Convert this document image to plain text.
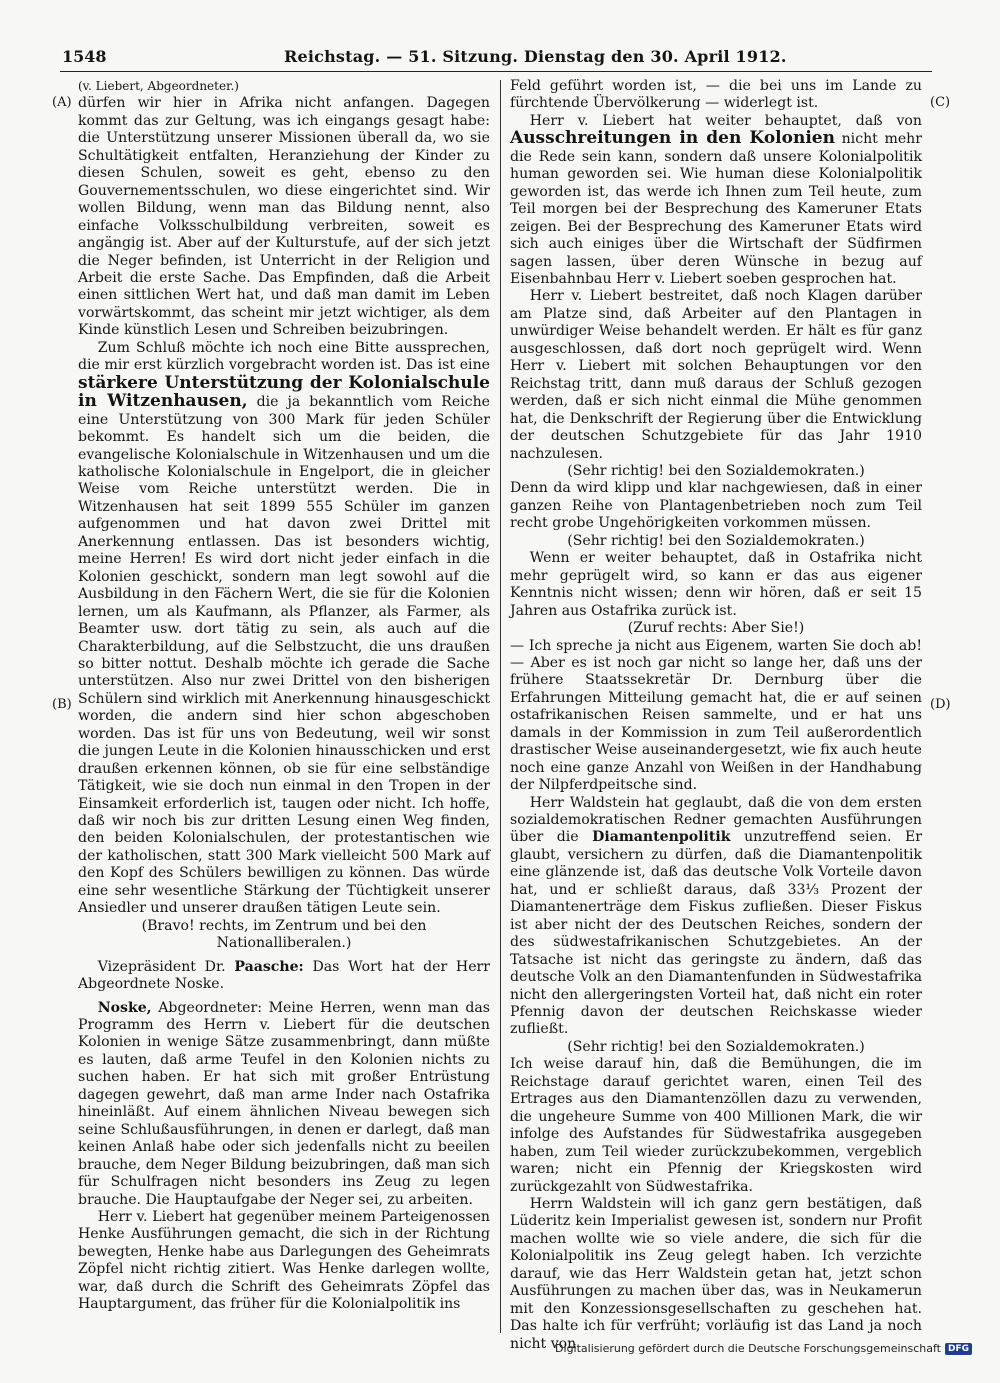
1548	Reichstag. — 51. Sitzung. Dienstag den 30. April 1912.
(A)
(B)
(C)
(D)

(v. Liebert, Abgeordneter.)

dürfen wir hier in Afrika nicht anfangen. Dagegen kommt das zur Geltung, was ich eingangs gesagt habe: die Unterstützung unserer Missionen überall da, wo sie Schultätigkeit entfalten, Heranziehung der Kinder zu diesen Schulen, soweit es geht, ebenso zu den Gouvernementsschulen, wo diese eingerichtet sind. Wir wollen Bildung, wenn man das Bildung nennt, also einfache Volksschulbildung verbreiten, soweit es angängig ist. Aber auf der Kulturstufe, auf der sich jetzt die Neger befinden, ist Unterricht in der Religion und Arbeit die erste Sache. Das Empfinden, daß die Arbeit einen sittlichen Wert hat, und daß man damit im Leben vorwärtskommt, das scheint mir jetzt wichtiger, als dem Kinde künstlich Lesen und Schreiben beizubringen.

Zum Schluß möchte ich noch eine Bitte aussprechen, die mir erst kürzlich vorgebracht worden ist. Das ist eine stärkere Unterstützung der Kolonialschule in Witzenhausen, die ja bekanntlich vom Reiche eine Unterstützung von 300 Mark für jeden Schüler bekommt. Es handelt sich um die beiden, die evangelische Kolonialschule in Witzenhausen und um die katholische Kolonialschule in Engelport, die in gleicher Weise vom Reiche unterstützt werden. Die in Witzenhausen hat seit 1899 555 Schüler im ganzen aufgenommen und hat davon zwei Drittel mit Anerkennung entlassen. Das ist besonders wichtig, meine Herren! Es wird dort nicht jeder einfach in die Kolonien geschickt, sondern man legt sowohl auf die Ausbildung in den Fächern Wert, die sie für die Kolonien lernen, um als Kaufmann, als Pflanzer, als Farmer, als Beamter usw. dort tätig zu sein, als auch auf die Charakterbildung, auf die Selbstzucht, die uns draußen so bitter nottut. Deshalb möchte ich gerade die Sache unterstützen. Also nur zwei Drittel von den bisherigen Schülern sind wirklich mit Anerkennung hinausgeschickt worden, die andern sind hier schon abgeschoben worden. Das ist für uns von Bedeutung, weil wir sonst die jungen Leute in die Kolonien hinausschicken und erst draußen erkennen können, ob sie für eine selbständige Tätigkeit, wie sie doch nun einmal in den Tropen in der Einsamkeit erforderlich ist, taugen oder nicht. Ich hoffe, daß wir noch bis zur dritten Lesung einen Weg finden, den beiden Kolonialschulen, der protestantischen wie der katholischen, statt 300 Mark vielleicht 500 Mark auf den Kopf des Schülers bewilligen zu können. Das würde eine sehr wesentliche Stärkung der Tüchtigkeit unserer Ansiedler und unserer draußen tätigen Leute sein.

(Bravo! rechts, im Zentrum und bei den Nationalliberalen.)

Vizepräsident Dr. Paasche: Das Wort hat der Herr Abgeordnete Noske.

Noske, Abgeordneter: Meine Herren, wenn man das Programm des Herrn v. Liebert für die deutschen Kolonien in wenige Sätze zusammenbringt, dann müßte es lauten, daß arme Teufel in den Kolonien nichts zu suchen haben. Er hat sich mit großer Entrüstung dagegen gewehrt, daß man arme Inder nach Ostafrika hineinläßt. Auf einem ähnlichen Niveau bewegen sich seine Schlußausführungen, in denen er darlegt, daß man keinen Anlaß habe oder sich jedenfalls nicht zu beeilen brauche, dem Neger Bildung beizubringen, daß man sich für Schulfragen nicht besonders ins Zeug zu legen brauche. Die Hauptaufgabe der Neger sei, zu arbeiten.

Herr v. Liebert hat gegenüber meinem Parteigenossen Henke Ausführungen gemacht, die sich in der Richtung bewegten, Henke habe aus Darlegungen des Geheimrats Zöpfel nicht richtig zitiert. Was Henke darlegen wollte, war, daß durch die Schrift des Geheimrats Zöpfel das Hauptargument, das früher für die Kolonialpolitik ins

Feld geführt worden ist, — die bei uns im Lande zu fürchtende Übervölkerung — widerlegt ist.

Herr v. Liebert hat weiter behauptet, daß von Ausschreitungen in den Kolonien nicht mehr die Rede sein kann, sondern daß unsere Kolonialpolitik human geworden sei. Wie human diese Kolonialpolitik geworden ist, das werde ich Ihnen zum Teil heute, zum Teil morgen bei der Besprechung des Kameruner Etats zeigen. Bei der Besprechung des Kameruner Etats wird sich auch einiges über die Wirtschaft der Südfirmen sagen lassen, über deren Wünsche in bezug auf Eisenbahnbau Herr v. Liebert soeben gesprochen hat.

Herr v. Liebert bestreitet, daß noch Klagen darüber am Platze sind, daß Arbeiter auf den Plantagen in unwürdiger Weise behandelt werden. Er hält es für ganz ausgeschlossen, daß dort noch geprügelt wird. Wenn Herr v. Liebert mit solchen Behauptungen vor den Reichstag tritt, dann muß daraus der Schluß gezogen werden, daß er sich nicht einmal die Mühe genommen hat, die Denkschrift der Regierung über die Entwicklung der deutschen Schutzgebiete für das Jahr 1910 nachzulesen.

(Sehr richtig! bei den Sozialdemokraten.)

Denn da wird klipp und klar nachgewiesen, daß in einer ganzen Reihe von Plantagenbetrieben noch zum Teil recht grobe Ungehörigkeiten vorkommen müssen.

(Sehr richtig! bei den Sozialdemokraten.)

Wenn er weiter behauptet, daß in Ostafrika nicht mehr geprügelt wird, so kann er das aus eigener Kenntnis nicht wissen; denn wir hören, daß er seit 15 Jahren aus Ostafrika zurück ist.

(Zuruf rechts: Aber Sie!)

— Ich spreche ja nicht aus Eigenem, warten Sie doch ab! — Aber es ist noch gar nicht so lange her, daß uns der frühere Staatssekretär Dr. Dernburg über die Erfahrungen Mitteilung gemacht hat, die er auf seinen ostafrikanischen Reisen sammelte, und er hat uns damals in der Kommission in zum Teil außerordentlich drastischer Weise auseinandergesetzt, wie fix auch heute noch eine ganze Anzahl von Weißen in der Handhabung der Nilpferdpeitsche sind.

Herr Waldstein hat geglaubt, daß die von dem ersten sozialdemokratischen Redner gemachten Ausführungen über die Diamantenpolitik unzutreffend seien. Er glaubt, versichern zu dürfen, daß die Diamantenpolitik eine glänzende ist, daß das deutsche Volk Vorteile davon hat, und er schließt daraus, daß 33⅓ Prozent der Diamantenerträge dem Fiskus zufließen. Dieser Fiskus ist aber nicht der des Deutschen Reiches, sondern der des südwestafrikanischen Schutzgebietes. An der Tatsache ist nicht das geringste zu ändern, daß das deutsche Volk an den Diamantenfunden in Südwestafrika nicht den allergeringsten Vorteil hat, daß nicht ein roter Pfennig davon der deutschen Reichskasse wieder zufließt.

(Sehr richtig! bei den Sozialdemokraten.)

Ich weise darauf hin, daß die Bemühungen, die im Reichstage darauf gerichtet waren, einen Teil des Ertrages aus den Diamantenzöllen dazu zu verwenden, die ungeheure Summe von 400 Millionen Mark, die wir infolge des Aufstandes für Südwestafrika ausgegeben haben, zum Teil wieder zurückzubekommen, vergeblich waren; nicht ein Pfennig der Kriegskosten wird zurückgezahlt von Südwestafrika.

Herrn Waldstein will ich ganz gern bestätigen, daß Lüderitz kein Imperialist gewesen ist, sondern nur Profit machen wollte wie so viele andere, die sich für die Kolonialpolitik ins Zeug gelegt haben. Ich verzichte darauf, wie das Herr Waldstein getan hat, jetzt schon Ausführungen zu machen über das, was in Neukamerun mit den Konzessionsgesellschaften zu geschehen hat. Das halte ich für verfrüht; vorläufig ist das Land ja noch nicht von

Digitalisierung gefördert durch die Deutsche Forschungsgemeinschaft DFG
